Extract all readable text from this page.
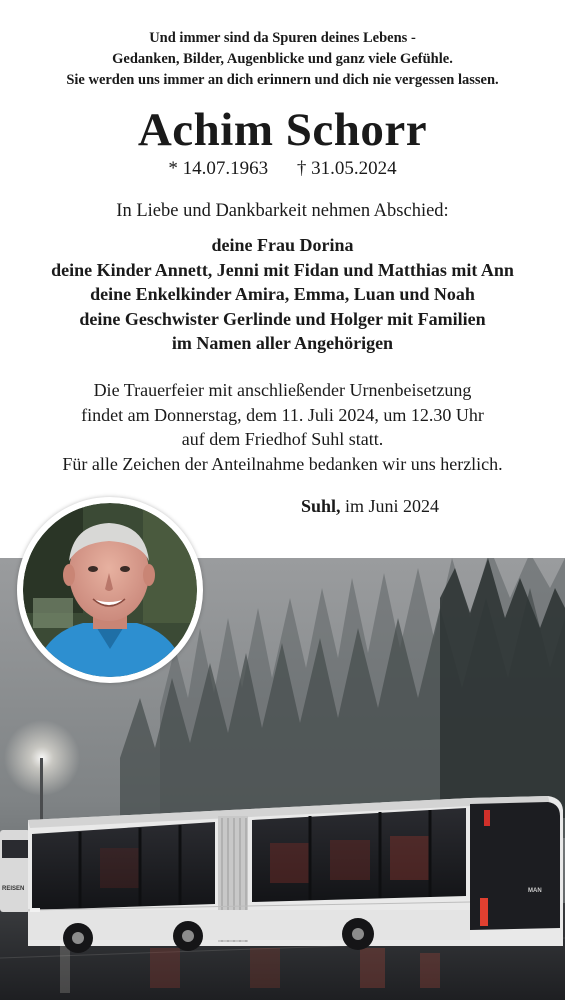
Und immer sind da Spuren deines Lebens -
Gedanken, Bilder, Augenblicke und ganz viele Gefühle.
Sie werden uns immer an dich erinnern und dich nie vergessen lassen.
Achim Schorr
* 14.07.1963 † 31.05.2024
In Liebe und Dankbarkeit nehmen Abschied:
deine Frau Dorina
deine Kinder Annett, Jenni mit Fidan und Matthias mit Ann
deine Enkelkinder Amira, Emma, Luan und Noah
deine Geschwister Gerlinde und Holger mit Familien
im Namen aller Angehörigen
Die Trauerfeier mit anschließender Urnenbeisetzung
findet am Donnerstag, dem 11. Juli 2024, um 12.30 Uhr
auf dem Friedhof Suhl statt.
Für alle Zeichen der Anteilnahme bedanken wir uns herzlich.
Suhl, im Juni 2024
REISEN	MAN
